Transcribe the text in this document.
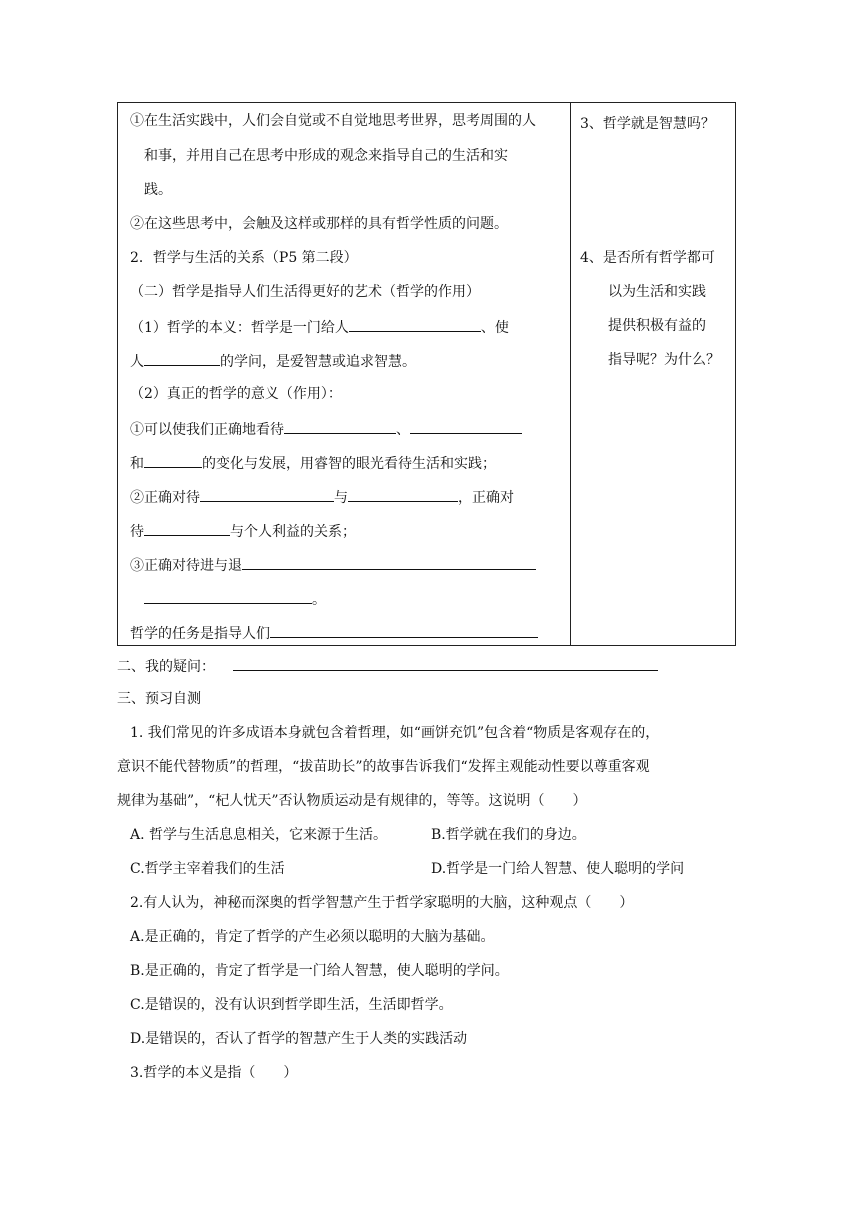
①在生活实践中，人们会自觉或不自觉地思考世界，思考周围的人
和事，并用自己在思考中形成的观念来指导自己的生活和实
践。
②在这些思考中，会触及这样或那样的具有哲学性质的问题。
2．哲学与生活的关系（P5 第二段）
（二）哲学是指导人们生活得更好的艺术（哲学的作用）
（1）哲学的本义：哲学是一门给人	、使
人	的学问，是爱智慧或追求智慧。
（2）真正的哲学的意义（作用）：
①可以使我们正确地看待	、
和	的变化与发展，用睿智的眼光看待生活和实践；
②正确对待	与	，正确对
待	与个人利益的关系；
③正确对待进与退
。
哲学的任务是指导人们
3、哲学就是智慧吗？
4、是否所有哲学都可
以为生活和实践
提供积极有益的
指导呢？为什么？
二、我的疑问：
三、预习自测
1. 我们常见的许多成语本身就包含着哲理，如“画饼充饥”包含着“物质是客观存在的，
意识不能代替物质”的哲理，“拔苗助长”的故事告诉我们“发挥主观能动性要以尊重客观
规律为基础”，“杞人忧天”否认物质运动是有规律的，等等。这说明（　　）
A. 哲学与生活息息相关，它来源于生活。	B.哲学就在我们的身边。
C.哲学主宰着我们的生活	D.哲学是一门给人智慧、使人聪明的学问
2.有人认为，神秘而深奥的哲学智慧产生于哲学家聪明的大脑，这种观点（　　）
A.是正确的，肯定了哲学的产生必须以聪明的大脑为基础。
B.是正确的，肯定了哲学是一门给人智慧，使人聪明的学问。
C.是错误的，没有认识到哲学即生活，生活即哲学。
D.是错误的，否认了哲学的智慧产生于人类的实践活动
3.哲学的本义是指（　　）
